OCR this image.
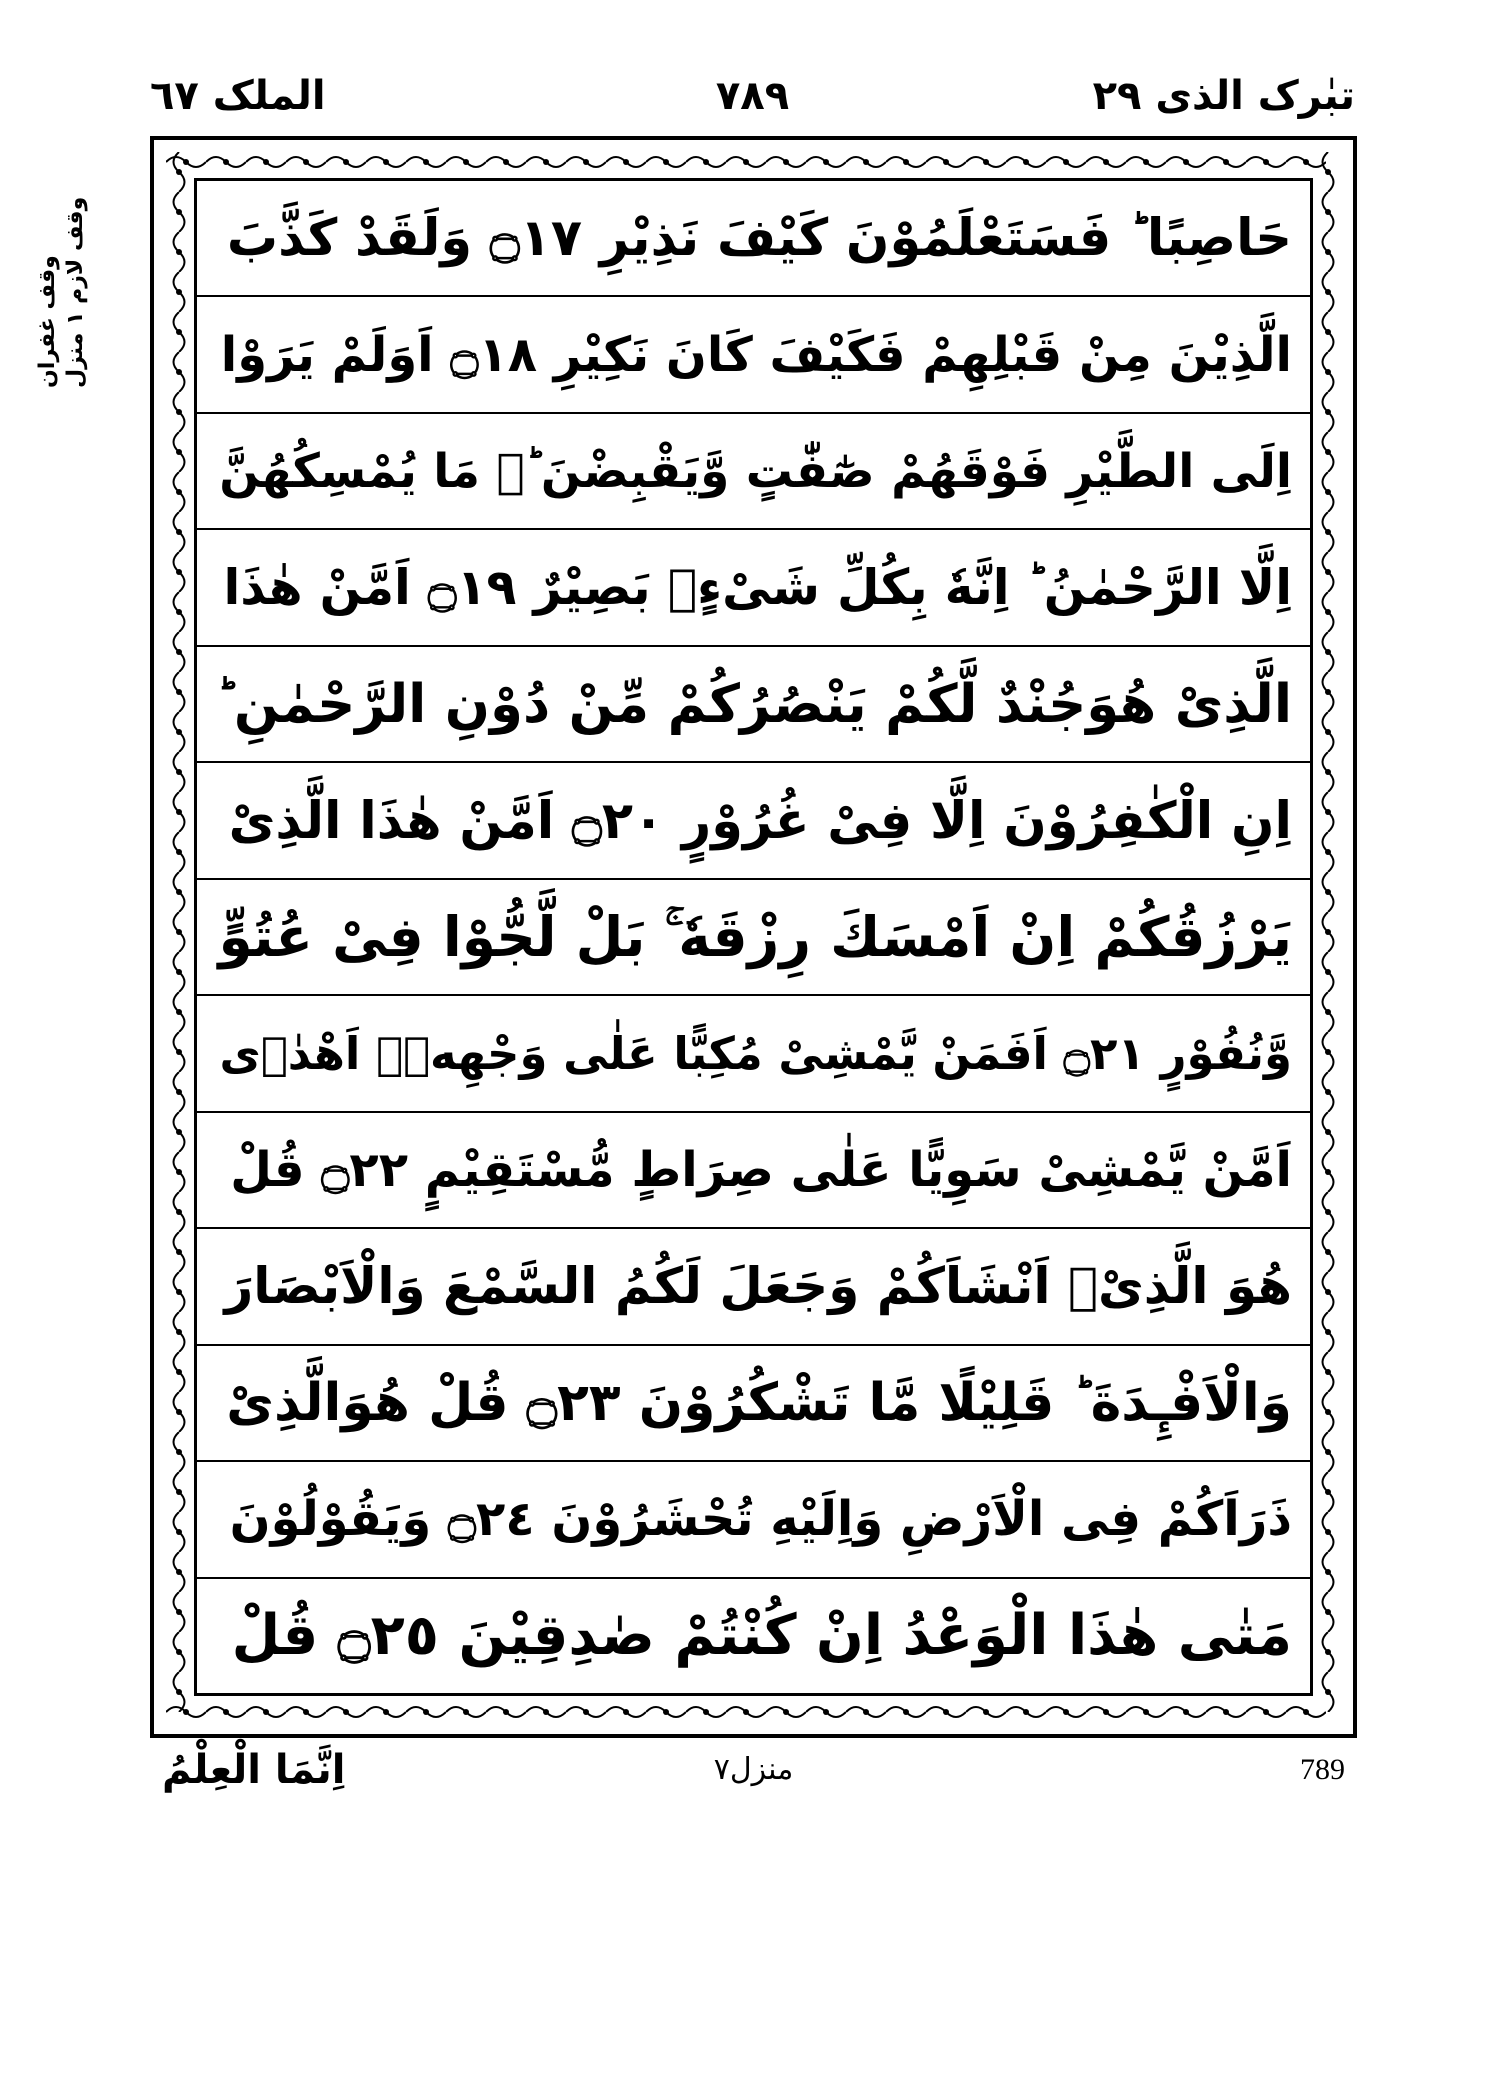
الملک ٦٧	٧٨٩	تبٰرک الذی ٢٩
وقف لازم ١ منزل
وقف غفران
حَاصِبًا ؕ فَسَتَعْلَمُوْنَ كَيْفَ نَذِيْرِ ۝١٧ وَلَقَدْ كَذَّبَ
الَّذِيْنَ مِنْ قَبْلِهِمْ فَكَيْفَ كَانَ نَكِيْرِ ۝١٨ اَوَلَمْ يَرَوْا
اِلَى الطَّيْرِ فَوْقَهُمْ صٰٓفّٰتٍ وَّيَقْبِضْنَ ؕۘ مَا يُمْسِكُهُنَّ
اِلَّا الرَّحْمٰنُ ؕ اِنَّهٗ بِكُلِّ شَیْءٍۢ بَصِيْرٌ ۝١٩ اَمَّنْ هٰذَا
الَّذِیْ هُوَجُنْدٌ لَّكُمْ يَنْصُرُكُمْ مِّنْ دُوْنِ الرَّحْمٰنِ ؕ
اِنِ الْكٰفِرُوْنَ اِلَّا فِیْ غُرُوْرٍ ۝٢٠ اَمَّنْ هٰذَا الَّذِیْ
يَرْزُقُكُمْ اِنْ اَمْسَكَ رِزْقَهٗ ۚ بَلْ لَّجُّوْا فِیْ عُتُوٍّ
وَّنُفُوْرٍ ۝٢١ اَفَمَنْ يَّمْشِیْ مُكِبًّا عَلٰى وَجْهِهٖۤ اَهْدٰۤى
اَمَّنْ يَّمْشِیْ سَوِيًّا عَلٰى صِرَاطٍ مُّسْتَقِيْمٍ ۝٢٢ قُلْ
هُوَ الَّذِیْۤ اَنْشَاَكُمْ وَجَعَلَ لَكُمُ السَّمْعَ وَالْاَبْصَارَ
وَالْاَفْـِٕدَةَ ؕ قَلِيْلًا مَّا تَشْكُرُوْنَ ۝٢٣ قُلْ هُوَالَّذِیْ
ذَرَاَكُمْ فِی الْاَرْضِ وَاِلَيْهِ تُحْشَرُوْنَ ۝٢٤ وَيَقُوْلُوْنَ
مَتٰى هٰذَا الْوَعْدُ اِنْ كُنْتُمْ صٰدِقِيْنَ ۝٢٥ قُلْ
اِنَّمَا الْعِلْمُ	منزل۷	789
